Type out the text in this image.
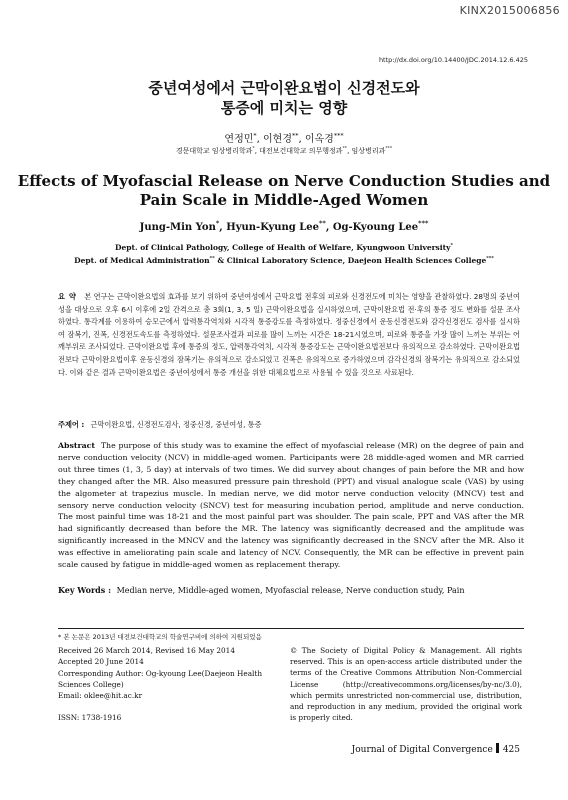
KINX2015006856
http://dx.doi.org/10.14400/JDC.2014.12.6.425
중년여성에서 근막이완요법이 신경전도와
통증에 미치는 영향
연정민*, 이현경**, 이옥경***
경문대학교 임상병리학과*, 대전보건대학교 의무행정과**, 임상병리과***
Effects of Myofascial Release on Nerve Conduction Studies and
Pain Scale in Middle-Aged Women
Jung-Min Yon*, Hyun-Kyung Lee**, Og-Kyoung Lee***
Dept. of Clinical Pathology, College of Health of Welfare, Kyungwoon University*
Dept. of Medical Administration** & Clinical Laboratory Science, Daejeon Health Sciences College***
요약 본 연구는 근막이완요법의 효과를 보기 위하여 중년여성에서 근막요법 전후의 피로와 신경전도에 미치는 영향을 관찰하였다. 28명의 중년여성을 대상으로 오후 6시 이후에 2일 간격으로 총 3회(1, 3, 5 일) 근막이완요법을 실시하였으며, 근막이완요법 전·후의 통증 정도 변화를 설문 조사하였다. 통각계를 이용하여 승모근에서 압력통각역치와 시각적 통증강도를 측정하였다. 정중신경에서 운동신경전도와 감각신경전도 검사를 실시하여 잠복기, 진폭, 신경전도속도를 측정하였다. 설문조사결과 피로를 많이 느끼는 시간은 18-21시였으며, 피로와 통증을 가장 많이 느끼는 부위는 어깨부위로 조사되었다. 근막이완요법 후에 통증의 정도, 압력통각역치, 시각적 통증강도는 근막이완요법전보다 유의적으로 감소하였다. 근막이완요법전보다 근막이완요법이후 운동신경의 잠복기는 유의적으로 감소되었고 진폭은 유의적으로 증가하였으며 감각신경의 잠복기는 유의적으로 감소되었다. 이와 같은 결과 근막이완요법은 중년여성에서 통증 개선을 위한 대체요법으로 사용될 수 있을 것으로 사료된다.
주제어 : 근막이완요법, 신경전도검사, 정중신경, 중년여성, 통증
Abstract The purpose of this study was to examine the effect of myofascial release (MR) on the degree of pain and nerve conduction velocity (NCV) in middle-aged women. Participants were 28 middle-aged women and MR carried out three times (1, 3, 5 day) at intervals of two times. We did survey about changes of pain before the MR and how they changed after the MR. Also measured pressure pain threshold (PPT) and visual analogue scale (VAS) by using the algometer at trapezius muscle. In median nerve, we did motor nerve conduction velocity (MNCV) test and sensory nerve conduction velocity (SNCV) test for measuring incubation period, amplitude and nerve conduction. The most painful time was 18-21 and the most painful part was shoulder. The pain scale, PPT and VAS after the MR had significantly decreased than before the MR. The latency was significantly decreased and the amplitude was significantly increased in the MNCV and the latency was significantly decreased in the SNCV after the MR. Also it was effective in ameliorating pain scale and latency of NCV. Consequently, the MR can be effective in prevent pain scale caused by fatigue in middle-aged women as replacement therapy.
Key Words : Median nerve, Middle-aged women, Myofascial release, Nerve conduction study, Pain
* 본 논문은 2013년 대전보건대학교의 학술연구비에 의하여 지원되었음
Received 26 March 2014, Revised 16 May 2014
Accepted 20 June 2014
Corresponding Author: Og-kyoung Lee(Daejeon Health
Sciences College)
Email: oklee@hit.ac.kr
ISSN: 1738-1916
© The Society of Digital Policy & Management. All rights reserved. This is an open-access article distributed under the terms of the Creative Commons Attribution Non-Commercial License (http://creativecommons.org/licenses/by-nc/3.0), which permits unrestricted non-commercial use, distribution, and reproduction in any medium, provided the original work is properly cited.
Journal of Digital Convergence 425
